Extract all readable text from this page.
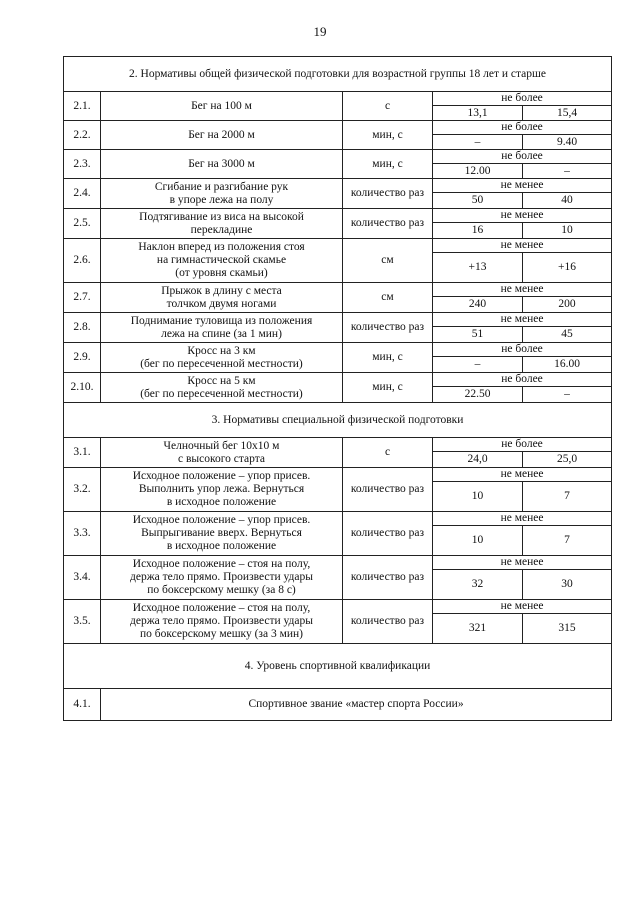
19
2. Нормативы общей физической подготовки для возрастной группы 18 лет и старше				
2.1.	Бег на 100 м	с	не более	
			13,1	15,4
2.2.	Бег на 2000 м	мин, с	не более	
			–	9.40
2.3.	Бег на 3000 м	мин, с	не более	
			12.00	–
2.4.	Сгибание и разгибание рук
в упоре лежа на полу	количество раз	не менее	
			50	40
2.5.	Подтягивание из виса на высокой
перекладине	количество раз	не менее	
			16	10
2.6.	Наклон вперед из положения стоя
на гимнастической скамье
(от уровня скамьи)	см	не менее	
			+13	+16
2.7.	Прыжок в длину с места
толчком двумя ногами	см	не менее	
			240	200
2.8.	Поднимание туловища из положения
лежа на спине (за 1 мин)	количество раз	не менее	
			51	45
2.9.	Кросс на 3 км
(бег по пересеченной местности)	мин, с	не более	
			–	16.00
2.10.	Кросс на 5 км
(бег по пересеченной местности)	мин, с	не более	
			22.50	–
3. Нормативы специальной физической подготовки				
3.1.	Челночный бег 10х10 м
с высокого старта	с	не более	
			24,0	25,0
3.2.	Исходное положение – упор присев.
Выполнить упор лежа. Вернуться
в исходное положение	количество раз	не менее	
			10	7
3.3.	Исходное положение – упор присев.
Выпрыгивание вверх. Вернуться
в исходное положение	количество раз	не менее	
			10	7
3.4.	Исходное положение – стоя на полу,
держа тело прямо. Произвести удары
по боксерскому мешку (за 8 с)	количество раз	не менее	
			32	30
3.5.	Исходное положение – стоя на полу,
держа тело прямо. Произвести удары
по боксерскому мешку (за 3 мин)	количество раз	не менее	
			321	315
4. Уровень спортивной квалификации				
4.1.	Спортивное звание «мастер спорта России»			
